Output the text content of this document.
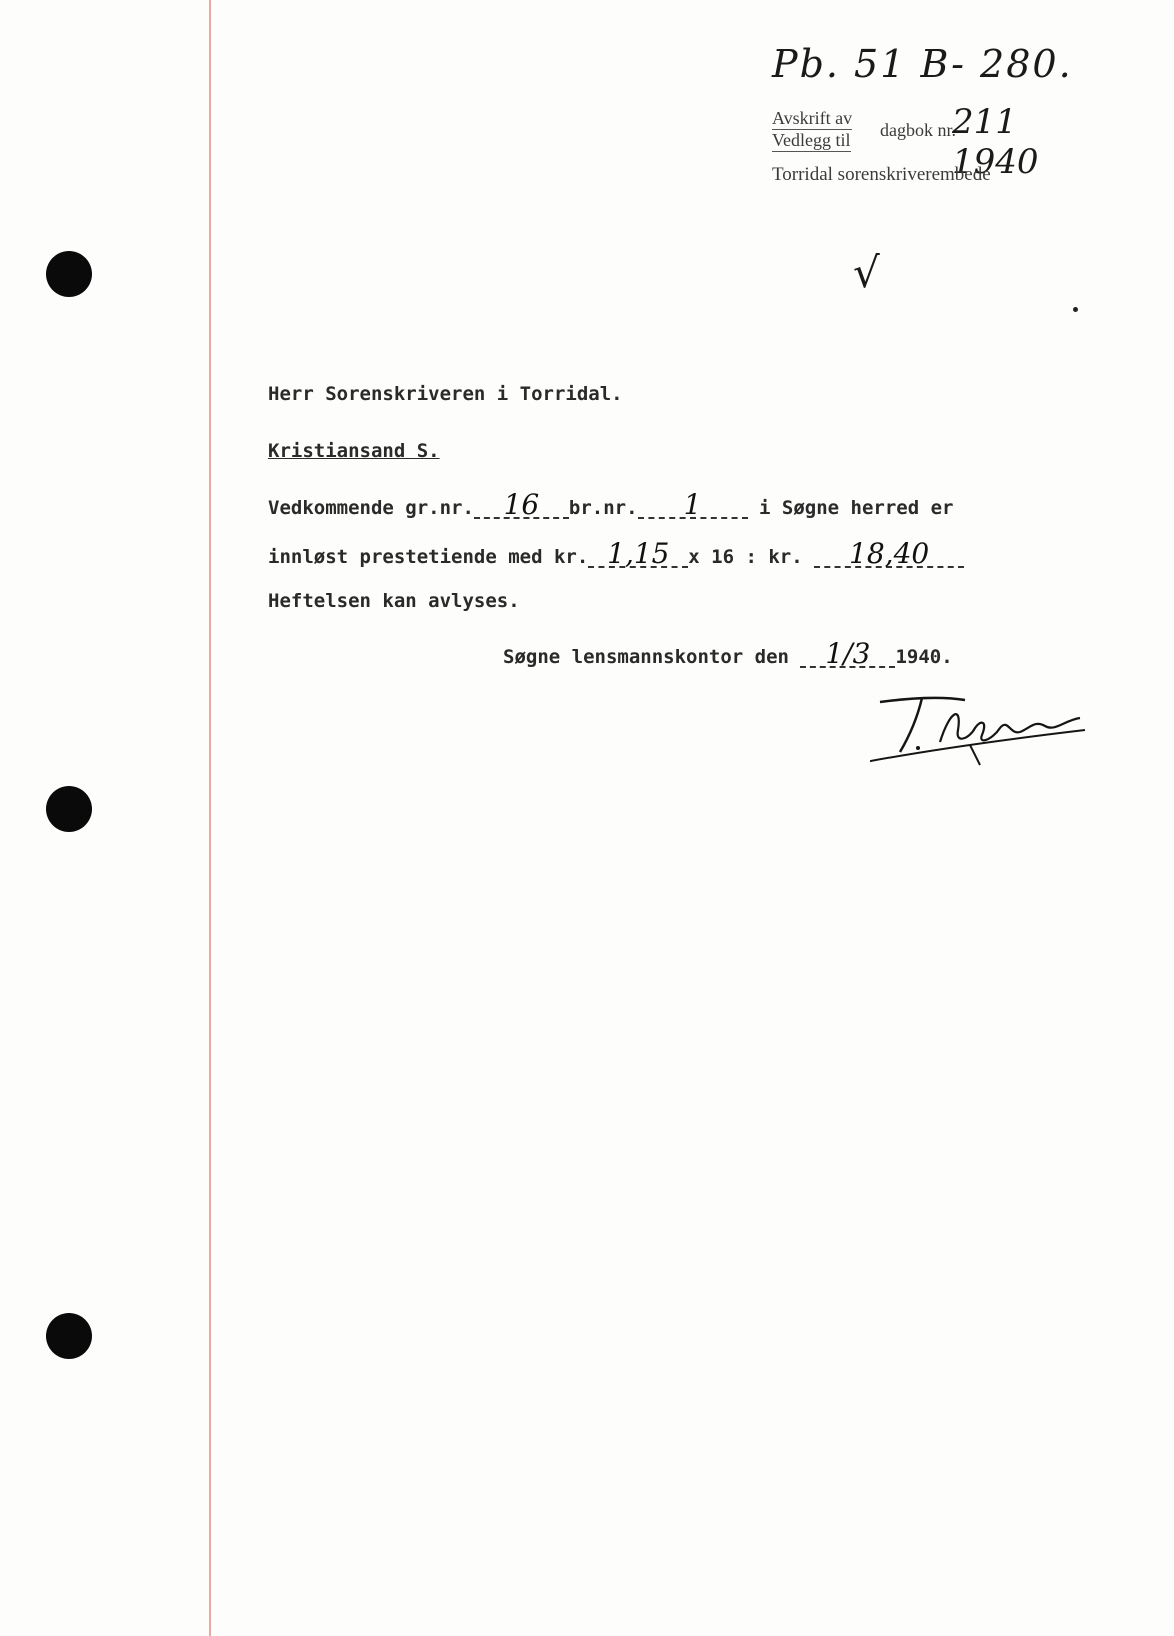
Pb. 51 B- 280.
Avskrift av
Vedlegg til dagbok nr.
211 1940
Torridal sorenskriverembede
√
Herr Sorenskriveren i Torridal.
Kristiansand S.
Vedkommende gr.nr. 16 br.nr. 1	i Søgne herred er
innløst prestetiende med kr. 1,15 x 16 : kr. 18,40
Heftelsen kan avlyses.
Søgne lensmannskontor den 1/3 1940.
